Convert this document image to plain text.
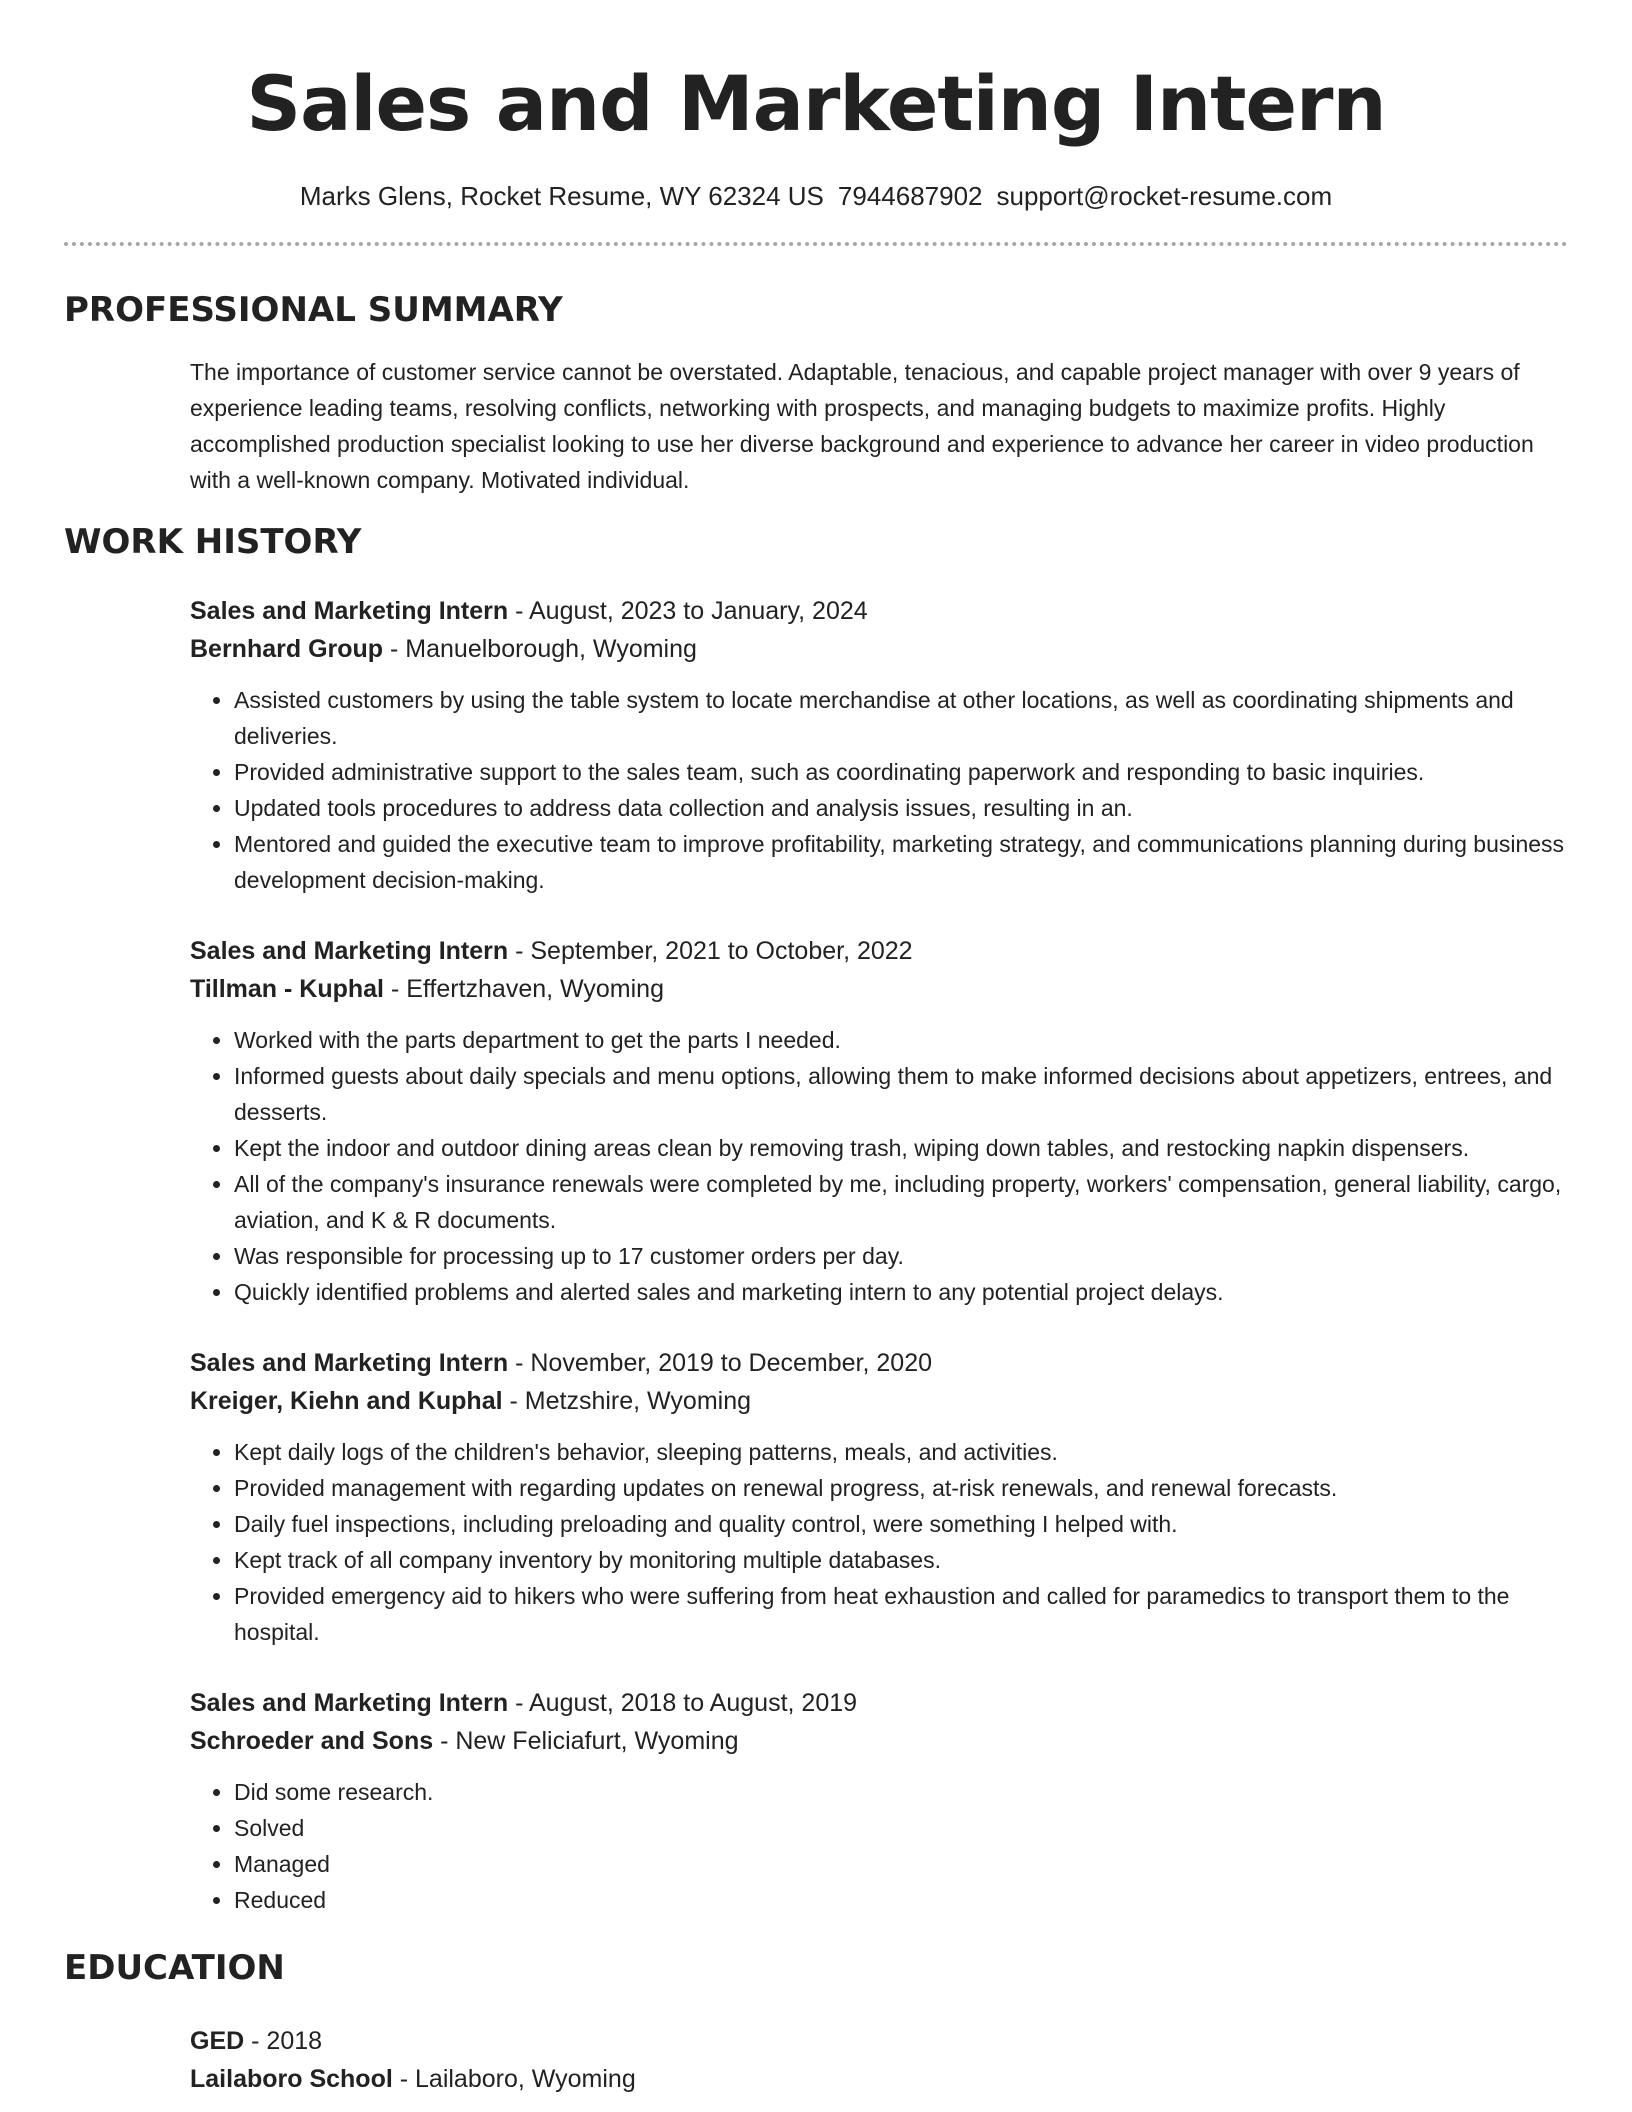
Sales and Marketing Intern
Marks Glens, Rocket Resume, WY 62324 US 7944687902 support@rocket-resume.com
PROFESSIONAL SUMMARY
The importance of customer service cannot be overstated. Adaptable, tenacious, and capable project manager with over 9 years of experience leading teams, resolving conflicts, networking with prospects, and managing budgets to maximize profits. Highly accomplished production specialist looking to use her diverse background and experience to advance her career in video production with a well-known company. Motivated individual.
WORK HISTORY
Sales and Marketing Intern - August, 2023 to January, 2024
Bernhard Group - Manuelborough, Wyoming
• Assisted customers by using the table system to locate merchandise at other locations, as well as coordinating shipments and deliveries.
• Provided administrative support to the sales team, such as coordinating paperwork and responding to basic inquiries.
• Updated tools procedures to address data collection and analysis issues, resulting in an.
• Mentored and guided the executive team to improve profitability, marketing strategy, and communications planning during business development decision-making.
Sales and Marketing Intern - September, 2021 to October, 2022
Tillman - Kuphal - Effertzhaven, Wyoming
• Worked with the parts department to get the parts I needed.
• Informed guests about daily specials and menu options, allowing them to make informed decisions about appetizers, entrees, and desserts.
• Kept the indoor and outdoor dining areas clean by removing trash, wiping down tables, and restocking napkin dispensers.
• All of the company's insurance renewals were completed by me, including property, workers' compensation, general liability, cargo, aviation, and K & R documents.
• Was responsible for processing up to 17 customer orders per day.
• Quickly identified problems and alerted sales and marketing intern to any potential project delays.
Sales and Marketing Intern - November, 2019 to December, 2020
Kreiger, Kiehn and Kuphal - Metzshire, Wyoming
• Kept daily logs of the children's behavior, sleeping patterns, meals, and activities.
• Provided management with regarding updates on renewal progress, at-risk renewals, and renewal forecasts.
• Daily fuel inspections, including preloading and quality control, were something I helped with.
• Kept track of all company inventory by monitoring multiple databases.
• Provided emergency aid to hikers who were suffering from heat exhaustion and called for paramedics to transport them to the hospital.
Sales and Marketing Intern - August, 2018 to August, 2019
Schroeder and Sons - New Feliciafurt, Wyoming
• Did some research.
• Solved
• Managed
• Reduced
EDUCATION
GED - 2018
Lailaboro School - Lailaboro, Wyoming
